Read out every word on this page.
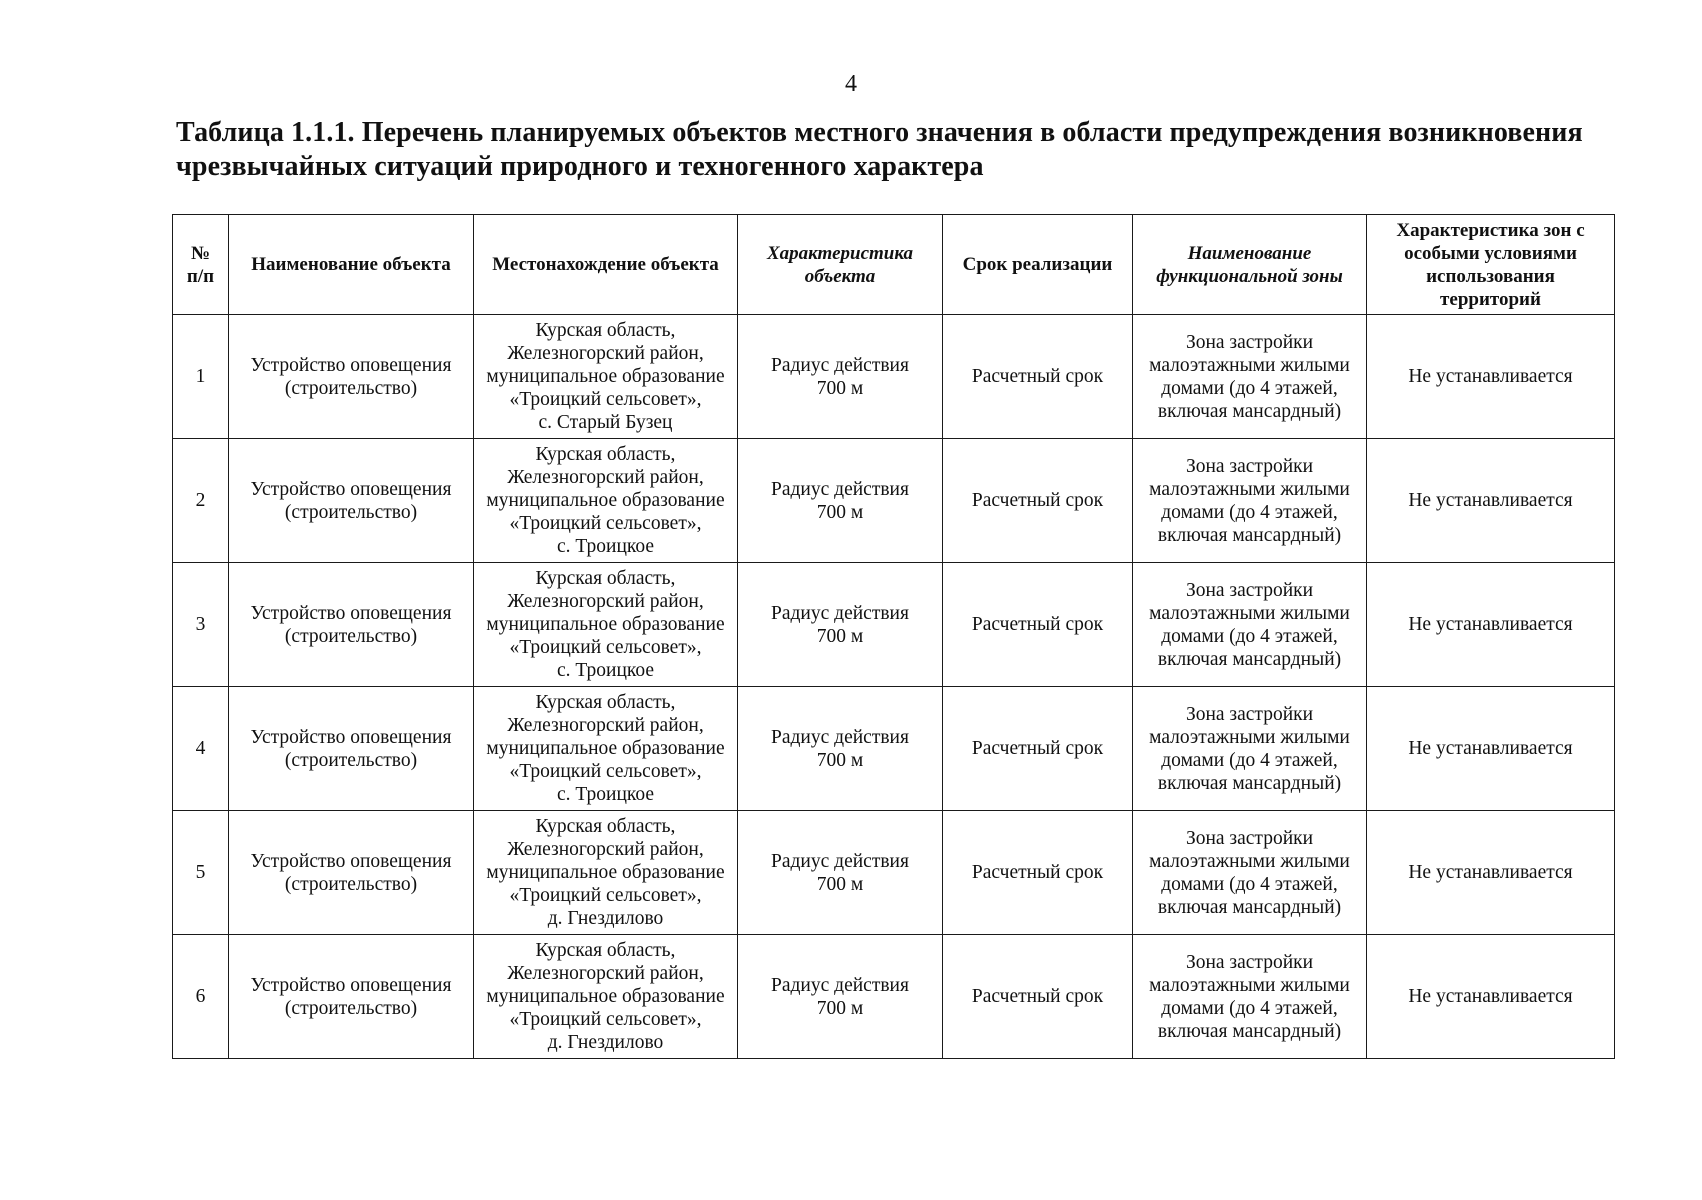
4
Таблица 1.1.1. Перечень планируемых объектов местного значения в области предупреждения возникновения чрезвычайных ситуаций природного и техногенного характера
№
п/п	Наименование объекта	Местонахождение объекта	Характеристика
объекта	Срок реализации	Наименование
функциональной зоны	Характеристика зон с
особыми условиями
использования
территорий
1	Устройство оповещения
(строительство)	Курская область,
Железногорский район,
муниципальное образование
«Троицкий сельсовет»,
с. Старый Бузец	Радиус действия
700 м	Расчетный срок	Зона застройки
малоэтажными жилыми
домами (до 4 этажей,
включая мансардный)	Не устанавливается
2	Устройство оповещения
(строительство)	Курская область,
Железногорский район,
муниципальное образование
«Троицкий сельсовет»,
с. Троицкое	Радиус действия
700 м	Расчетный срок	Зона застройки
малоэтажными жилыми
домами (до 4 этажей,
включая мансардный)	Не устанавливается
3	Устройство оповещения
(строительство)	Курская область,
Железногорский район,
муниципальное образование
«Троицкий сельсовет»,
с. Троицкое	Радиус действия
700 м	Расчетный срок	Зона застройки
малоэтажными жилыми
домами (до 4 этажей,
включая мансардный)	Не устанавливается
4	Устройство оповещения
(строительство)	Курская область,
Железногорский район,
муниципальное образование
«Троицкий сельсовет»,
с. Троицкое	Радиус действия
700 м	Расчетный срок	Зона застройки
малоэтажными жилыми
домами (до 4 этажей,
включая мансардный)	Не устанавливается
5	Устройство оповещения
(строительство)	Курская область,
Железногорский район,
муниципальное образование
«Троицкий сельсовет»,
д. Гнездилово	Радиус действия
700 м	Расчетный срок	Зона застройки
малоэтажными жилыми
домами (до 4 этажей,
включая мансардный)	Не устанавливается
6	Устройство оповещения
(строительство)	Курская область,
Железногорский район,
муниципальное образование
«Троицкий сельсовет»,
д. Гнездилово	Радиус действия
700 м	Расчетный срок	Зона застройки
малоэтажными жилыми
домами (до 4 этажей,
включая мансардный)	Не устанавливается
